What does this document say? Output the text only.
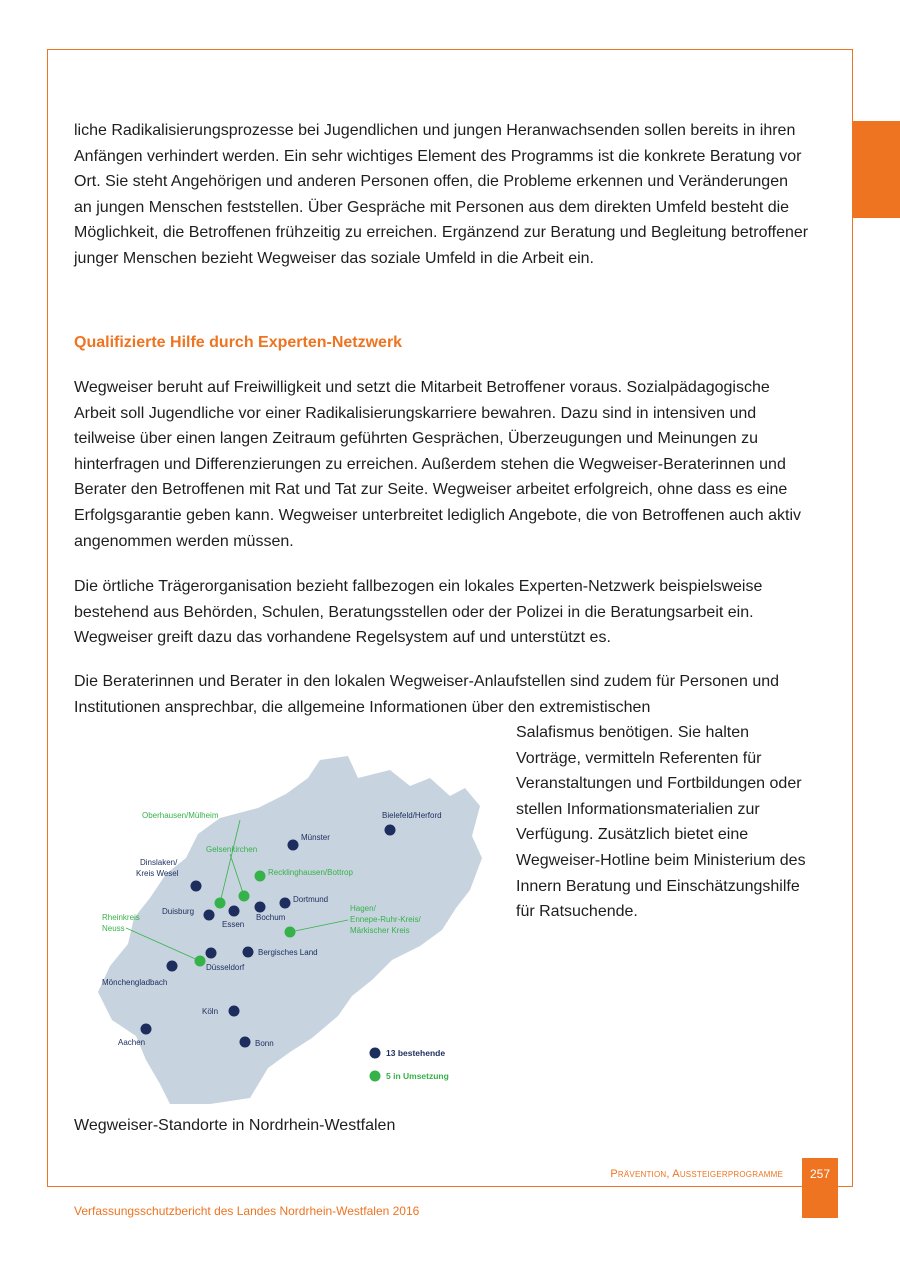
liche Radikalisierungsprozesse bei Jugendlichen und jungen Heranwachsenden sollen bereits in ihren Anfängen verhindert werden. Ein sehr wichtiges Element des Programms ist die konkrete Beratung vor Ort. Sie steht Angehörigen und anderen Personen offen, die Probleme erkennen und Veränderungen an jungen Menschen feststellen. Über Gespräche mit Personen aus dem direkten Umfeld besteht die Möglichkeit, die Betroffenen frühzeitig zu erreichen. Ergänzend zur Beratung und Begleitung betroffener junger Menschen bezieht Wegweiser das soziale Umfeld in die Arbeit ein.
Qualifizierte Hilfe durch Experten-Netzwerk
Wegweiser beruht auf Freiwilligkeit und setzt die Mitarbeit Betroffener voraus. Sozialpädagogische Arbeit soll Jugendliche vor einer Radikalisierungskarriere bewahren. Dazu sind in intensiven und teilweise über einen langen Zeitraum geführten Gesprächen, Überzeugungen und Meinungen zu hinterfragen und Differenzierungen zu erreichen. Außerdem stehen die Wegweiser-Beraterinnen und Berater den Betroffenen mit Rat und Tat zur Seite. Wegweiser arbeitet erfolgreich, ohne dass es eine Erfolgsgarantie geben kann. Wegweiser unterbreitet lediglich Angebote, die von Betroffenen auch aktiv angenommen werden müssen.
Die örtliche Trägerorganisation bezieht fallbezogen ein lokales Experten-Netzwerk beispielsweise bestehend aus Behörden, Schulen, Beratungsstellen oder der Polizei in die Beratungsarbeit ein. Wegweiser greift dazu das vorhandene Regelsystem auf und unterstützt es.
Die Beraterinnen und Berater in den lokalen Wegweiser-Anlaufstellen sind zudem für Personen und Institutionen ansprechbar, die allgemeine Informationen über den extremistischen
Salafismus benötigen. Sie halten Vorträge, vermitteln Referenten für Veranstaltungen und Fortbildungen oder stellen Informationsmaterialien zur Verfügung. Zusätzlich bietet eine Wegweiser-Hotline beim Ministerium des Innern Beratung und Einschätzungshilfe für Ratsuchende.
Oberhausen/Mülheim
Gelsenkirchen
Münster
Bielefeld/Herford
Dinslaken/
Kreis Wesel	Recklinghausen/Bottrop
Dortmund
Rheinkreis
Neuss
Duisburg
Essen
Bochum
Hagen/
Ennepe-Ruhr-Kreis/
Märkischer Kreis
Bergisches Land
Düsseldorf
Mönchengladbach
Köln
Aachen	Bonn
13 bestehende
5 in Umsetzung
Wegweiser-Standorte in Nordrhein-Westfalen
Prävention, Aussteigerprogramme	257
Verfassungsschutzbericht des Landes Nordrhein-Westfalen 2016
